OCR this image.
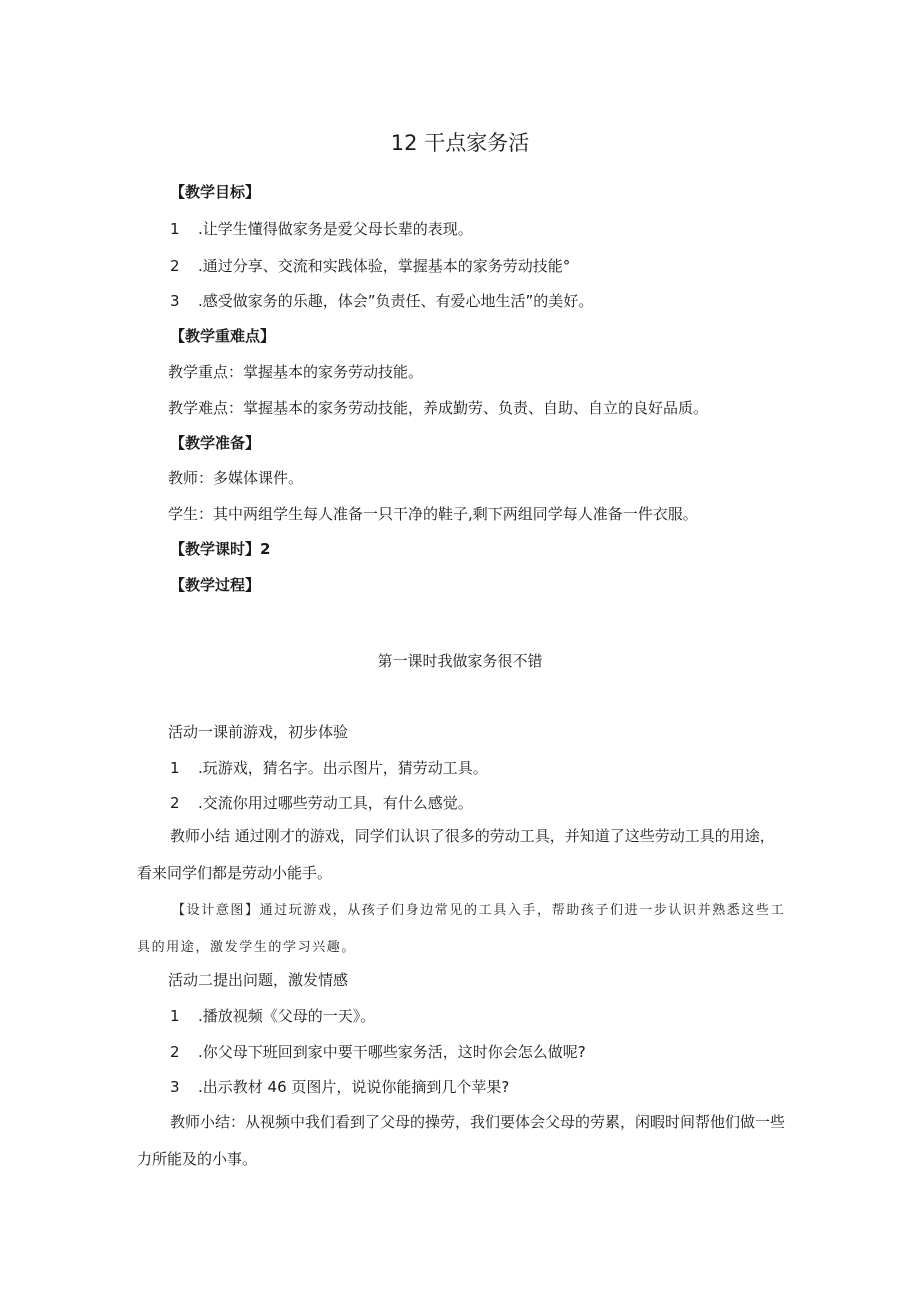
12 干点家务活
【教学目标】
1 .让学生懂得做家务是爱父母长辈的表现。
2 .通过分享、交流和实践体验，掌握基本的家务劳动技能°
3 .感受做家务的乐趣，体会”负责任、有爱心地生活”的美好。
【教学重难点】
教学重点：掌握基本的家务劳动技能。
教学难点：掌握基本的家务劳动技能，养成勤劳、负责、自助、自立的良好品质。
【教学准备】
教师：多媒体课件。
学生：其中两组学生每人准备一只干净的鞋子,剩下两组同学每人准备一件衣服。
【教学课时】2
【教学过程】
第一课时我做家务很不错
活动一课前游戏，初步体验
1 .玩游戏，猜名字。出示图片，猜劳动工具。
2 .交流你用过哪些劳动工具，有什么感觉。
教师小结 通过刚才的游戏，同学们认识了很多的劳动工具，并知道了这些劳动工具的用途，看来同学们都是劳动小能手。
【设计意图】通过玩游戏，从孩子们身边常见的工具入手，帮助孩子们进一步认识并熟悉这些工具的用途，激发学生的学习兴趣。
活动二提出问题，激发情感
1 .播放视频《父母的一天》。
2 .你父母下班回到家中要干哪些家务活，这时你会怎么做呢?
3 .出示教材 46 页图片，说说你能摘到几个苹果?
教师小结：从视频中我们看到了父母的操劳，我们要体会父母的劳累，闲暇时间帮他们做一些力所能及的小事。
